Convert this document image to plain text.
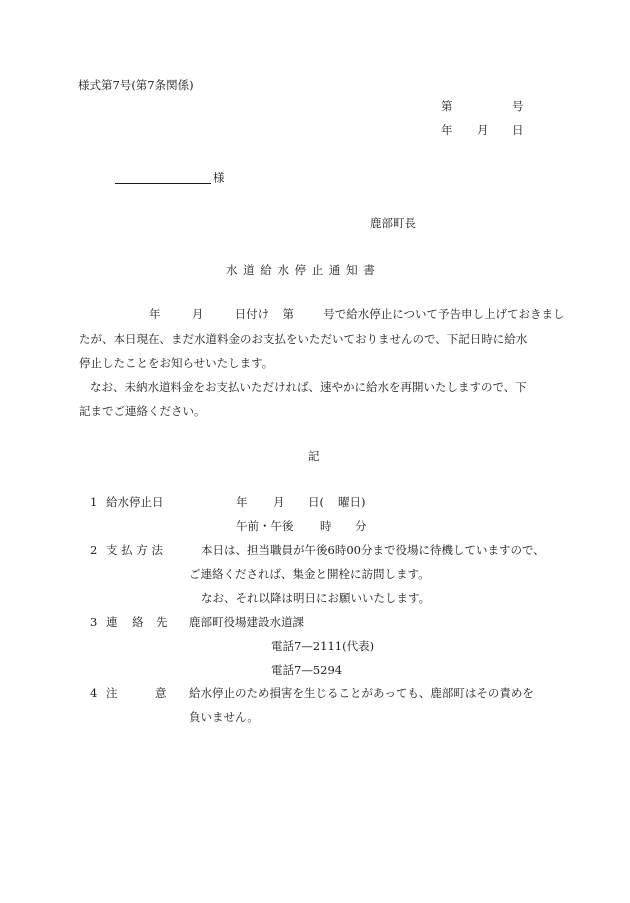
様式第7号(第7条関係)
第	号
年 月 日
様
鹿部町長
水 道 給 水 停 止 通 知 書
年	月	日付け 第	号で給水停止について予告申し上げておきまし
たが、本日現在、まだ水道料金のお支払をいただいておりませんので、下記日時に給水
停止したことをお知らせいたします。
なお、未納水道料金をお支払いただければ、速やかに給水を再開いたしますので、下
記までご連絡ください。
記
1 給水停止日	年 月 日( 曜日)
午前・午後 時 分
2 支 払 方 法	本日は、担当職員が午後6時00分まで役場に待機していますので、
ご連絡くだされば、集金と開栓に訪問します。
なお、それ以降は明日にお願いいたします。
3 連 絡 先 鹿部町役場建設水道課
電話7—2111(代表)
電話7—5294
4 注	意 給水停止のため損害を生じることがあっても、鹿部町はその責めを
負いません。
